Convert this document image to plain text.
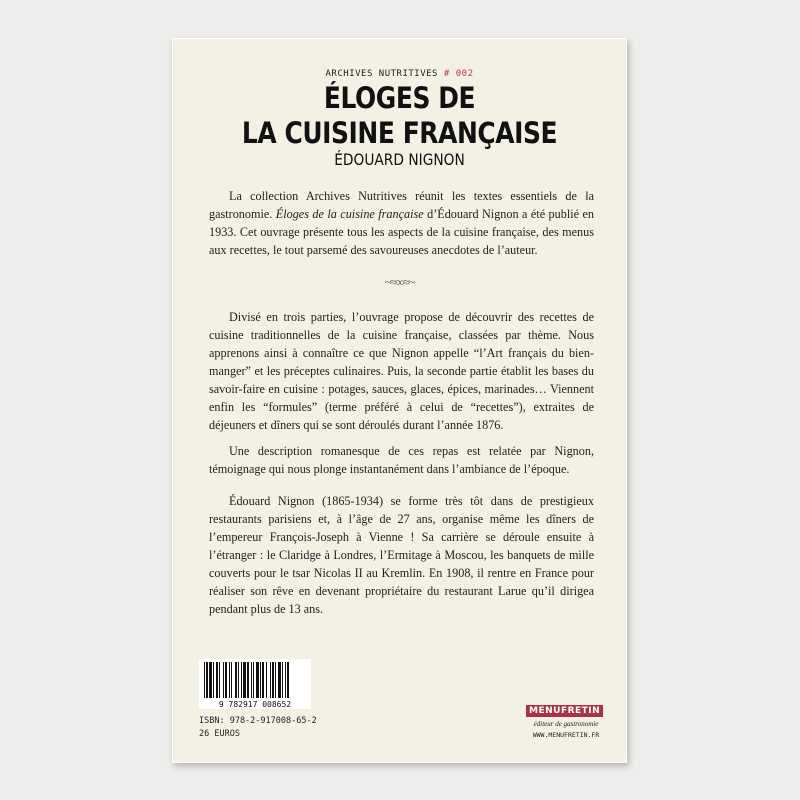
ARCHIVES NUTRITIVES # 002
ÉLOGES DE
LA CUISINE FRANÇAISE
ÉDOUARD NIGNON

La collection Archives Nutritives réunit les textes essentiels de la gastronomie. Éloges de la cuisine française d’Édouard Nignon a été publié en 1933. Cet ouvrage présente tous les aspects de la cuisine française, des menus aux recettes, le tout parsemé des savoureuses anecdotes de l’auteur.

~≈∞≈~

Divisé en trois parties, l’ouvrage propose de découvrir des recettes de cuisine traditionnelles de la cuisine française, classées par thème. Nous apprenons ainsi à connaître ce que Nignon appelle “l’Art français du bien-manger” et les préceptes culinaires. Puis, la seconde partie établit les bases du savoir-faire en cuisine : potages, sauces, glaces, épices, marinades… Viennent enfin les “formules” (terme préféré à celui de “recettes”), extraites de déjeuners et dîners qui se sont déroulés durant l’année 1876.

Une description romanesque de ces repas est relatée par Nignon, témoignage qui nous plonge instantanément dans l’ambiance de l’époque.

Édouard Nignon (1865-1934) se forme très tôt dans de prestigieux restaurants parisiens et, à l’âge de 27 ans, organise même les dîners de l’empereur François-Joseph à Vienne ! Sa carrière se déroule ensuite à l’étranger : le Claridge à Londres, l’Ermitage à Moscou, les banquets de mille couverts pour le tsar Nicolas II au Kremlin. En 1908, il rentre en France pour réaliser son rêve en devenant propriétaire du restaurant Larue qu’il dirigea pendant plus de 13 ans.

9 782917 008652
ISBN: 978-2-917008-65-2
26 EUROS
MENUFRETIN
éditeur de gastronomie
WWW.MENUFRETIN.FR
